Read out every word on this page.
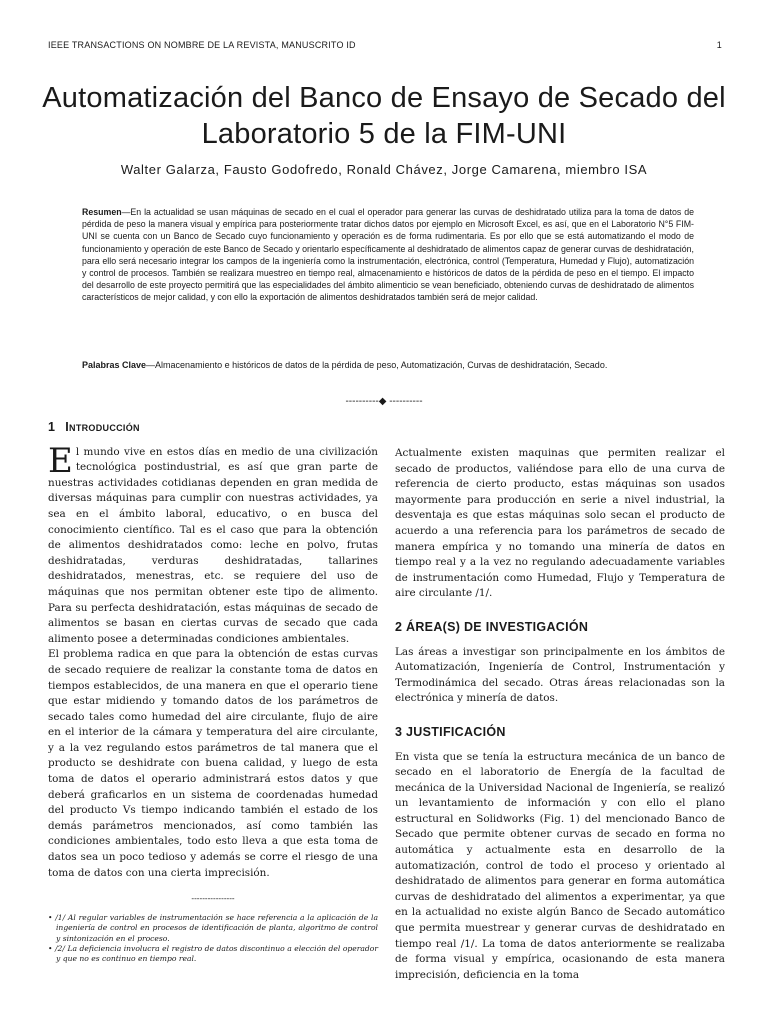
IEEE TRANSACTIONS ON NOMBRE DE LA REVISTA, MANUSCRITO ID	1
Automatización del Banco de Ensayo de Secado del Laboratorio 5 de la FIM-UNI
Walter Galarza, Fausto Godofredo, Ronald Chávez, Jorge Camarena, miembro ISA
Resumen—En la actualidad se usan máquinas de secado en el cual el operador para generar las curvas de deshidratado utiliza para la toma de datos de pérdida de peso la manera visual y empírica para posteriormente tratar dichos datos por ejemplo en Microsoft Excel, es así, que en el Laboratorio N°5 FIM-UNI se cuenta con un Banco de Secado cuyo funcionamiento y operación es de forma rudimentaria. Es por ello que se está automatizando el modo de funcionamiento y operación de este Banco de Secado y orientarlo específicamente al deshidratado de alimentos capaz de generar curvas de deshidratación, para ello será necesario integrar los campos de la ingeniería como la instrumentación, electrónica, control (Temperatura, Humedad y Flujo), automatización y control de procesos. También se realizara muestreo en tiempo real, almacenamiento e históricos de datos de la pérdida de peso en el tiempo. El impacto del desarrollo de este proyecto permitirá que las especialidades del ámbito alimenticio se vean beneficiado, obteniendo curvas de deshidratado de alimentos característicos de mejor calidad, y con ello la exportación de alimentos deshidratados también será de mejor calidad.
Palabras Clave—Almacenamiento e históricos de datos de la pérdida de peso, Automatización, Curvas de deshidratación, Secado.
----------◆ ----------
1 Introducción

El mundo vive en estos días en medio de una civilización tecnológica postindustrial, es así que gran parte de nuestras actividades cotidianas dependen en gran medida de diversas máquinas para cumplir con nuestras actividades, ya sea en el ámbito laboral, educativo, o en busca del conocimiento científico. Tal es el caso que para la obtención de alimentos deshidratados como: leche en polvo, frutas deshidratadas, verduras deshidratadas, tallarines deshidratados, menestras, etc. se requiere del uso de máquinas que nos permitan obtener este tipo de alimento. Para su perfecta deshidratación, estas máquinas de secado de alimentos se basan en ciertas curvas de secado que cada alimento posee a determinadas condiciones ambientales.

El problema radica en que para la obtención de estas curvas de secado requiere de realizar la constante toma de datos en tiempos establecidos, de una manera en que el operario tiene que estar midiendo y tomando datos de los parámetros de secado tales como humedad del aire circulante, flujo de aire en el interior de la cámara y temperatura del aire circulante, y a la vez regulando estos parámetros de tal manera que el producto se deshidrate con buena calidad, y luego de esta toma de datos el operario administrará estos datos y que deberá graficarlos en un sistema de coordenadas humedad del producto Vs tiempo indicando también el estado de los demás parámetros mencionados, así como también las condiciones ambientales, todo esto lleva a que esta toma de datos sea un poco tedioso y además se corre el riesgo de una toma de datos con una cierta imprecisión.

----------------

• /1/ Al regular variables de instrumentación se hace referencia a la aplicación de la ingeniería de control en procesos de identificación de planta, algoritmo de control y sintonización en el proceso.

• /2/ La deficiencia involucra el registro de datos discontinuo a elección del operador y que no es continuo en tiempo real.

Actualmente existen maquinas que permiten realizar el secado de productos, valiéndose para ello de una curva de referencia de cierto producto, estas máquinas son usados mayormente para producción en serie a nivel industrial, la desventaja es que estas máquinas solo secan el producto de acuerdo a una referencia para los parámetros de secado de manera empírica y no tomando una minería de datos en tiempo real y a la vez no regulando adecuadamente variables de instrumentación como Humedad, Flujo y Temperatura de aire circulante /1/.

2 ÁREA(S) DE INVESTIGACIÓN

Las áreas a investigar son principalmente en los ámbitos de Automatización, Ingeniería de Control, Instrumentación y Termodinámica del secado. Otras áreas relacionadas son la electrónica y minería de datos.

3 JUSTIFICACIÓN

En vista que se tenía la estructura mecánica de un banco de secado en el laboratorio de Energía de la facultad de mecánica de la Universidad Nacional de Ingeniería, se realizó un levantamiento de información y con ello el plano estructural en Solidworks (Fig. 1) del mencionado Banco de Secado que permite obtener curvas de secado en forma no automática y actualmente esta en desarrollo de la automatización, control de todo el proceso y orientado al deshidratado de alimentos para generar en forma automática curvas de deshidratado del alimentos a experimentar, ya que en la actualidad no existe algún Banco de Secado automático que permita muestrear y generar curvas de deshidratado en tiempo real /1/. La toma de datos anteriormente se realizaba de forma visual y empírica, ocasionando de esta manera imprecisión, deficiencia en la toma
